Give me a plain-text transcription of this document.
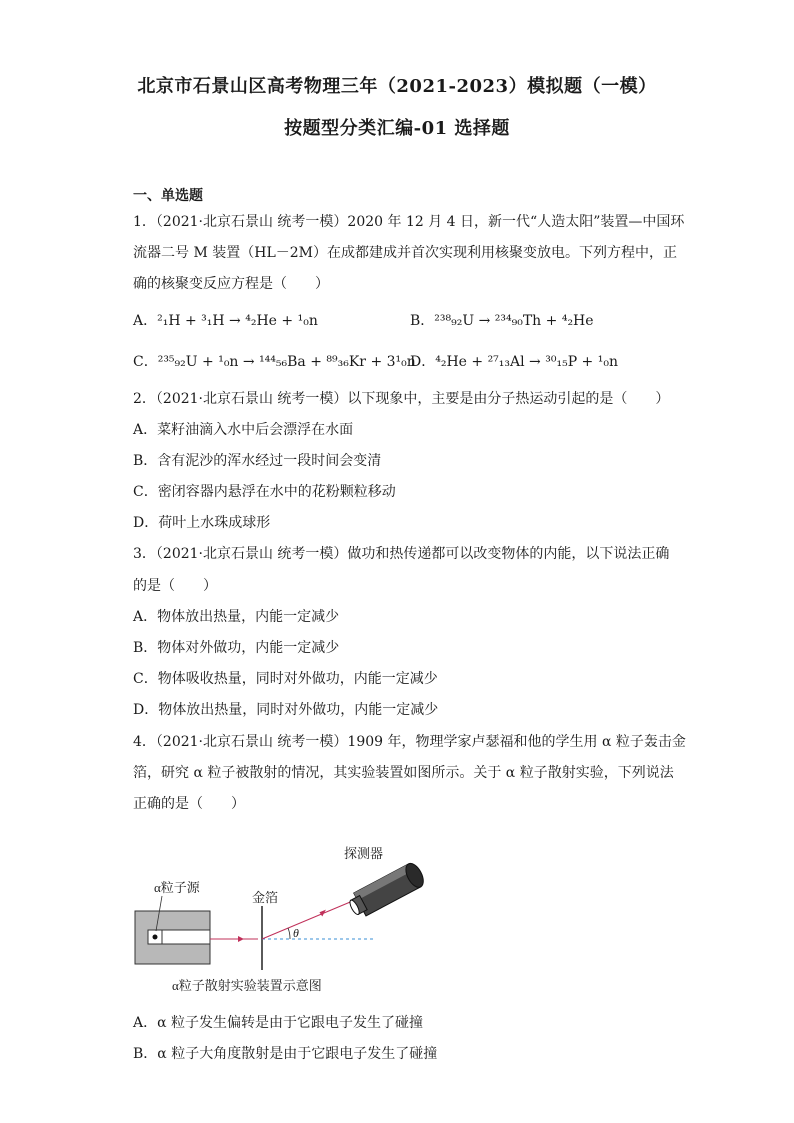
北京市石景山区高考物理三年（2021-2023）模拟题（一模）
按题型分类汇编-01 选择题
一、单选题
1．（2021·北京石景山 统考一模）2020 年 12 月 4 日，新一代“人造太阳”装置—中国环
流器二号 M 装置（HL－2M）在成都建成并首次实现利用核聚变放电。下列方程中，正
确的核聚变反应方程是（　　）
A．²₁H + ³₁H → ⁴₂He + ¹₀n	B．²³⁸₉₂U → ²³⁴₉₀Th + ⁴₂He
C．²³⁵₉₂U + ¹₀n → ¹⁴⁴₅₆Ba + ⁸⁹₃₆Kr + 3¹₀n
D．⁴₂He + ²⁷₁₃Al → ³⁰₁₅P + ¹₀n
2．（2021·北京石景山 统考一模）以下现象中，主要是由分子热运动引起的是（　　）
A．菜籽油滴入水中后会漂浮在水面
B．含有泥沙的浑水经过一段时间会变清
C．密闭容器内悬浮在水中的花粉颗粒移动
D．荷叶上水珠成球形
3．（2021·北京石景山 统考一模）做功和热传递都可以改变物体的内能，以下说法正确
的是（　　）
A．物体放出热量，内能一定减少
B．物体对外做功，内能一定减少
C．物体吸收热量，同时对外做功，内能一定减少
D．物体放出热量，同时对外做功，内能一定减少
4．（2021·北京石景山 统考一模）1909 年，物理学家卢瑟福和他的学生用 α 粒子轰击金
箔，研究 α 粒子被散射的情况，其实验装置如图所示。关于 α 粒子散射实验，下列说法
正确的是（　　）
α粒子源
金箔
θ
探测器
α粒子散射实验装置示意图
A．α 粒子发生偏转是由于它跟电子发生了碰撞
B．α 粒子大角度散射是由于它跟电子发生了碰撞
